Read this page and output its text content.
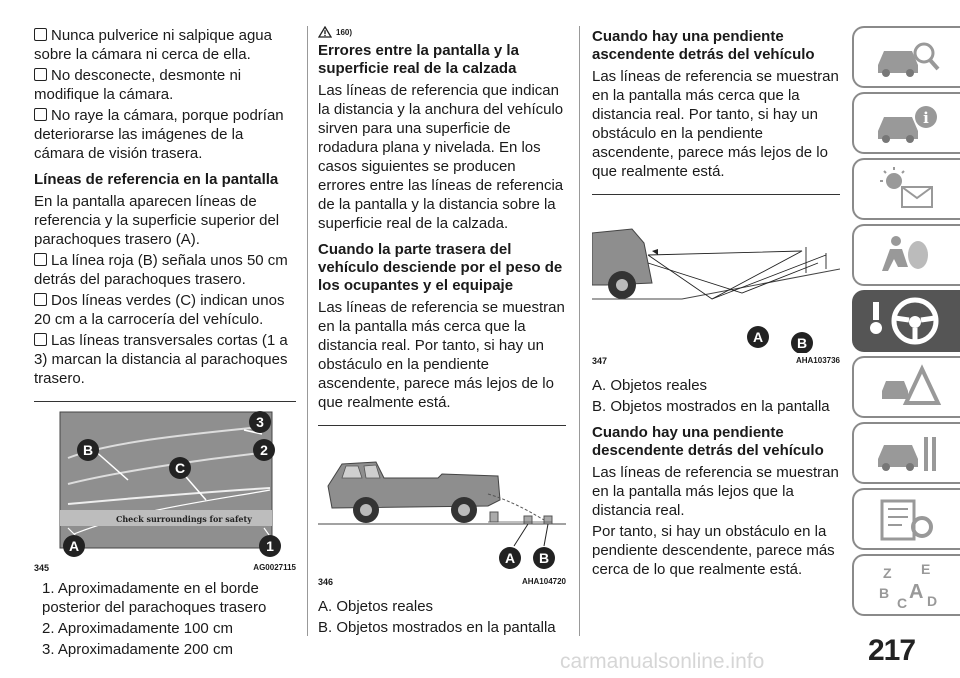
Nunca pulverice ni salpique agua sobre la cámara ni cerca de ella.

No desconecte, desmonte ni modifique la cámara.

No raye la cámara, porque podrían deteriorarse las imágenes de la cámara de visión trasera.

Líneas de referencia en la pantalla

En la pantalla aparecen líneas de referencia y la superficie superior del parachoques trasero (A).

La línea roja (B) señala unos 50 cm detrás del parachoques trasero.

Dos líneas verdes (C) indican unos 20 cm a la carrocería del vehículo.

Las líneas transversales cortas (1 a 3) marcan la distancia al parachoques trasero.

Check surroundings for safety
B
C
3
2
A	1
345	AG0027115

1. Aproximadamente en el borde posterior del parachoques trasero

2. Aproximadamente 100 cm

3. Aproximadamente 200 cm

160)
Errores entre la pantalla y la superficie real de la calzada

Las líneas de referencia que indican la distancia y la anchura del vehículo sirven para una superficie de rodadura plana y nivelada. En los casos siguientes se producen errores entre las líneas de referencia de la pantalla y la distancia sobre la superficie real de la calzada.

Cuando la parte trasera del vehículo desciende por el peso de los ocupantes y el equipaje

Las líneas de referencia se muestran en la pantalla más cerca que la distancia real. Por tanto, si hay un obstáculo en la pendiente ascendente, parece más lejos de lo que realmente está.

A B
346	AHA104720

A. Objetos reales

B. Objetos mostrados en la pantalla

Cuando hay una pendiente ascendente detrás del vehículo

Las líneas de referencia se muestran en la pantalla más cerca que la distancia real. Por tanto, si hay un obstáculo en la pendiente ascendente, parece más lejos de lo que realmente está.

A B
347	AHA103736

A. Objetos reales

B. Objetos mostrados en la pantalla

Cuando hay una pendiente descendente detrás del vehículo

Las líneas de referencia se muestran en la pantalla más lejos que la distancia real.

Por tanto, si hay un obstáculo en la pendiente descendente, parece más cerca de lo que realmente está.

i
Z E
B
C A D
217
carmanualsonline.info
